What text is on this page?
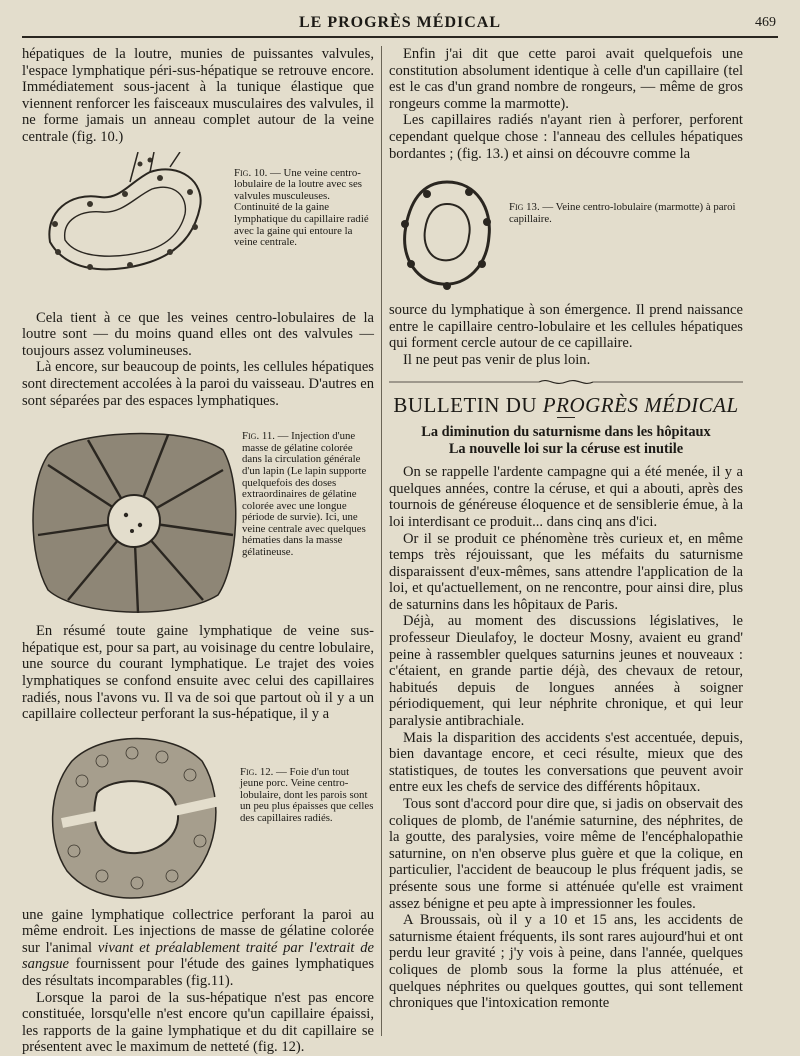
LE PROGRÈS MÉDICAL	469

hépatiques de la loutre, munies de puissantes valvules, l'espace lymphatique péri-sus-hépatique se retrouve encore. Immédiatement sous-jacent à la tunique élastique que viennent renforcer les faisceaux musculaires des valvules, il ne forme jamais un anneau complet autour de la veine centrale (fig. 10.)

Fig. 10. — Une veine centro-lobulaire de la loutre avec ses valvules musculeuses. Continuité de la gaine lymphatique du capillaire radié avec la gaine qui entoure la veine centrale.

Cela tient à ce que les veines centro-lobulaires de la loutre sont — du moins quand elles ont des valvules — toujours assez volumineuses.

Là encore, sur beaucoup de points, les cellules hépatiques sont directement accolées à la paroi du vaisseau. D'autres en sont séparées par des espaces lymphatiques.

Fig. 11. — Injection d'une masse de gélatine colorée dans la circulation générale d'un lapin (Le lapin supporte quelquefois des doses extraordinaires de gélatine colorée avec une longue période de survie). Ici, une veine centrale avec quelques hématies dans la masse gélatineuse.

En résumé toute gaine lymphatique de veine sus-hépatique est, pour sa part, au voisinage du centre lobulaire, une source du courant lymphatique. Le trajet des voies lymphatiques se confond ensuite avec celui des capillaires radiés, nous l'avons vu. Il va de soi que partout où il y a un capillaire collecteur perforant la sus-hépatique, il y a

Fig. 12. — Foie d'un tout jeune porc. Veine centro-lobulaire, dont les parois sont un peu plus épaisses que celles des capillaires radiés.

une gaine lymphatique collectrice perforant la paroi au même endroit. Les injections de masse de gélatine colorée sur l'animal vivant et préalablement traité par l'extrait de sangsue fournissent pour l'étude des gaines lymphatiques des résultats incomparables (fig.11).

Lorsque la paroi de la sus-hépatique n'est pas encore constituée, lorsqu'elle n'est encore qu'un capillaire épaissi, les rapports de la gaine lymphatique et du dit capillaire se présentent avec le maximum de netteté (fig. 12).

Enfin j'ai dit que cette paroi avait quelquefois une constitution absolument identique à celle d'un capillaire (tel est le cas d'un grand nombre de rongeurs, — même de gros rongeurs comme la marmotte).

Les capillaires radiés n'ayant rien à perforer, perforent cependant quelque chose : l'anneau des cellules hépatiques bordantes ; (fig. 13.) et ainsi on découvre comme la

Fig 13. — Veine centro-lobulaire (marmotte) à paroi capillaire.

source du lymphatique à son émergence. Il prend naissance entre le capillaire centro-lobulaire et les cellules hépatiques qui forment cercle autour de ce capillaire.

Il ne peut pas venir de plus loin.

BULLETIN DU PROGRÈS MÉDICAL
La diminution du saturnisme dans les hôpitaux
La nouvelle loi sur la céruse est inutile

On se rappelle l'ardente campagne qui a été menée, il y a quelques années, contre la céruse, et qui a abouti, après des tournois de généreuse éloquence et de sensiblerie émue, à la loi interdisant ce produit... dans cinq ans d'ici.

Or il se produit ce phénomène très curieux et, en même temps très réjouissant, que les méfaits du saturnisme disparaissent d'eux-mêmes, sans attendre l'application de la loi, et qu'actuellement, on ne rencontre, pour ainsi dire, plus de saturnins dans les hôpitaux de Paris.

Déjà, au moment des discussions législatives, le professeur Dieulafoy, le docteur Mosny, avaient eu grand' peine à rassembler quelques saturnins jeunes et nouveaux : c'étaient, en grande partie déjà, des chevaux de retour, habitués depuis de longues années à soigner périodiquement, qui leur néphrite chronique, et qui leur paralysie antibrachiale.

Mais la disparition des accidents s'est accentuée, depuis, bien davantage encore, et ceci résulte, mieux que des statistiques, de toutes les conversations que peuvent avoir entre eux les chefs de service des différents hôpitaux.

Tous sont d'accord pour dire que, si jadis on observait des coliques de plomb, de l'anémie saturnine, des néphrites, de la goutte, des paralysies, voire même de l'encéphalopathie saturnine, on n'en observe plus guère et que la colique, en particulier, l'accident de beaucoup le plus fréquent jadis, se présente sous une forme si atténuée qu'elle est vraiment assez bénigne et peu apte à impressionner les foules.

A Broussais, où il y a 10 et 15 ans, les accidents de saturnisme étaient fréquents, ils sont rares aujourd'hui et ont perdu leur gravité ; j'y vois à peine, dans l'année, quelques coliques de plomb sous la forme la plus atténuée, et quelques néphrites ou quelques gouttes, qui sont tellement chroniques que l'intoxication remonte
